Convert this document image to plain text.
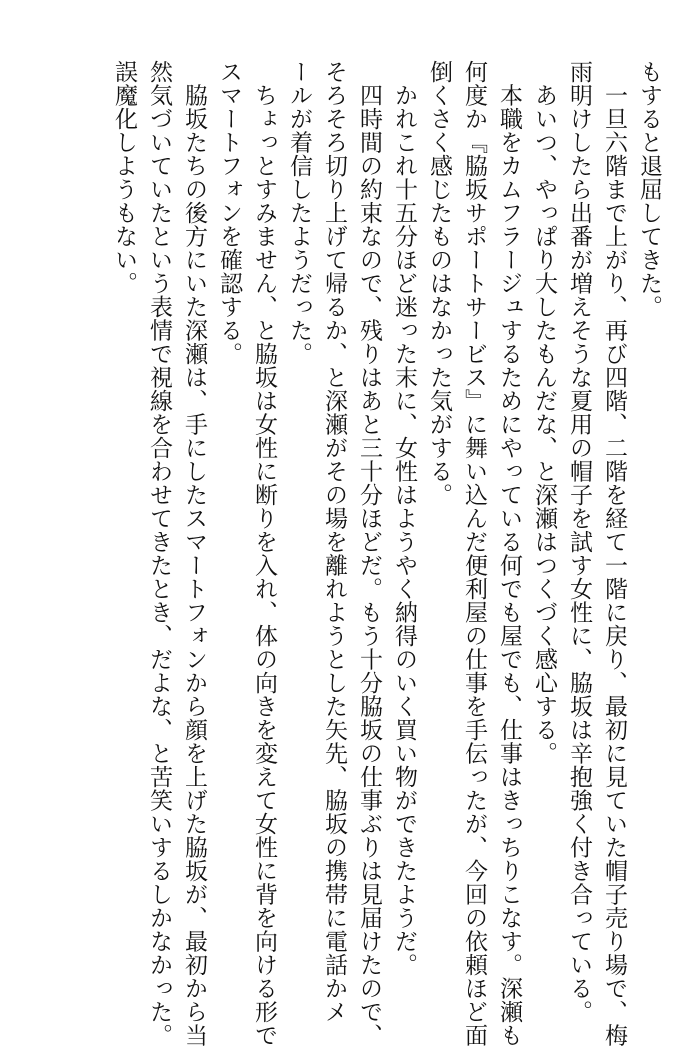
もすると退屈してきた。
　一旦六階まで上がり、再び四階、二階を経て一階に戻り、最初に見ていた帽子売り場で、梅
雨明けしたら出番が増えそうな夏用の帽子を試す女性に、脇坂は辛抱強く付き合っている。
　あいつ、やっぱり大したもんだな、と深瀬はつくづく感心する。
　本職をカムフラージュするためにやっている何でも屋でも、仕事はきっちりこなす。深瀬も
何度か『脇坂サポートサービス』に舞い込んだ便利屋の仕事を手伝ったが、今回の依頼ほど面
倒くさく感じたものはなかった気がする。
　かれこれ十五分ほど迷った末に、女性はようやく納得のいく買い物ができたようだ。
　四時間の約束なので、残りはあと三十分ほどだ。もう十分脇坂の仕事ぶりは見届けたので、
そろそろ切り上げて帰るか、と深瀬がその場を離れようとした矢先、脇坂の携帯に電話かメ
ールが着信したようだった。
　ちょっとすみません、と脇坂は女性に断りを入れ、体の向きを変えて女性に背を向ける形で
スマートフォンを確認する。
　脇坂たちの後方にいた深瀬は、手にしたスマートフォンから顔を上げた脇坂が、最初から当
然気づいていたという表情で視線を合わせてきたとき、だよな、と苦笑いするしかなかった。
誤魔化しようもない。
